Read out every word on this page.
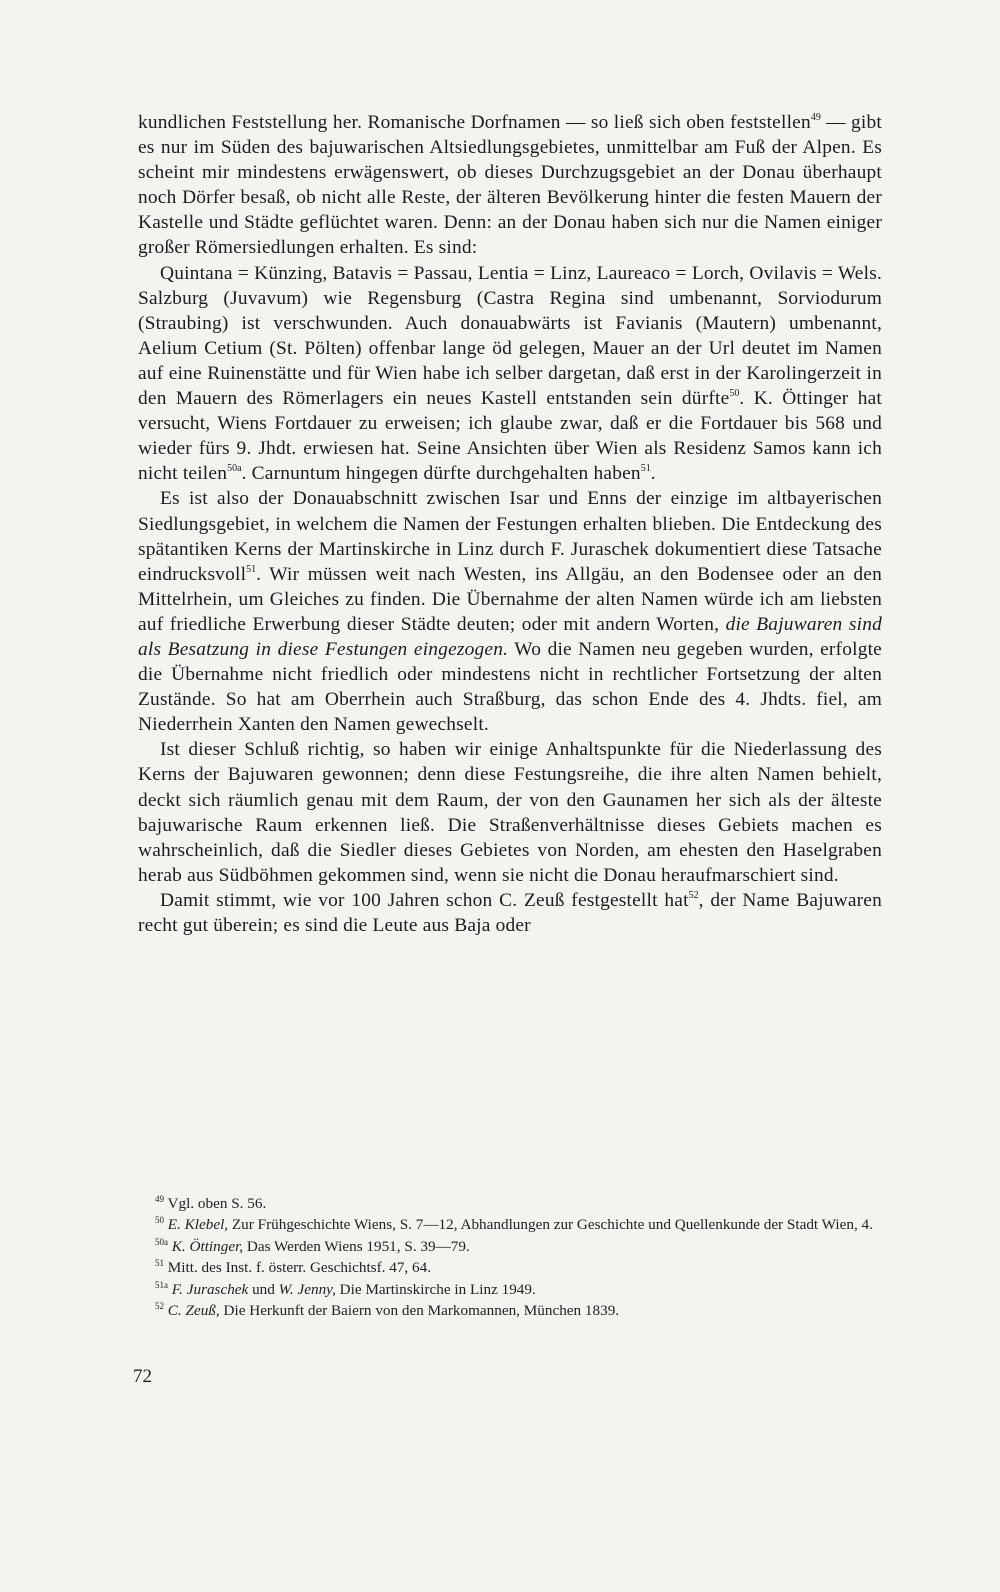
kundlichen Feststellung her. Romanische Dorfnamen — so ließ sich oben feststellen$^{49}$ — gibt es nur im Süden des bajuwarischen Altsiedlungsgebietes, unmittelbar am Fuß der Alpen. Es scheint mir mindestens erwägenswert, ob dieses Durchzugsgebiet an der Donau überhaupt noch Dörfer besaß, ob nicht alle Reste, der älteren Bevölkerung hinter die festen Mauern der Kastelle und Städte geflüchtet waren. Denn: an der Donau haben sich nur die Namen einiger großer Römersiedlungen erhalten. Es sind:

Quintana = Künzing, Batavis = Passau, Lentia = Linz, Laureaco = Lorch, Ovilavis = Wels. Salzburg (Juvavum) wie Regensburg (Castra Regina sind umbenannt, Sorviodurum (Straubing) ist verschwunden. Auch donauabwärts ist Favianis (Mautern) umbenannt, Aelium Cetium (St. Pölten) offenbar lange öd gelegen, Mauer an der Url deutet im Namen auf eine Ruinenstätte und für Wien habe ich selber dargetan, daß erst in der Karolingerzeit in den Mauern des Römerlagers ein neues Kastell entstanden sein dürfte$^{50}$. K. Öttinger hat versucht, Wiens Fortdauer zu erweisen; ich glaube zwar, daß er die Fortdauer bis 568 und wieder fürs 9. Jhdt. erwiesen hat. Seine Ansichten über Wien als Residenz Samos kann ich nicht teilen$^{50a}$. Carnuntum hingegen dürfte durchgehalten haben$^{51}$.

Es ist also der Donauabschnitt zwischen Isar und Enns der einzige im altbayerischen Siedlungsgebiet, in welchem die Namen der Festungen erhalten blieben. Die Entdeckung des spätantiken Kerns der Martinskirche in Linz durch F. Juraschek dokumentiert diese Tatsache eindrucksvoll$^{51}$. Wir müssen weit nach Westen, ins Allgäu, an den Bodensee oder an den Mittelrhein, um Gleiches zu finden. Die Übernahme der alten Namen würde ich am liebsten auf friedliche Erwerbung dieser Städte deuten; oder mit andern Worten, die Bajuwaren sind als Besatzung in diese Festungen eingezogen. Wo die Namen neu gegeben wurden, erfolgte die Übernahme nicht friedlich oder mindestens nicht in rechtlicher Fortsetzung der alten Zustände. So hat am Oberrhein auch Straßburg, das schon Ende des 4. Jhdts. fiel, am Niederrhein Xanten den Namen gewechselt.

Ist dieser Schluß richtig, so haben wir einige Anhaltspunkte für die Niederlassung des Kerns der Bajuwaren gewonnen; denn diese Festungsreihe, die ihre alten Namen behielt, deckt sich räumlich genau mit dem Raum, der von den Gaunamen her sich als der älteste bajuwarische Raum erkennen ließ. Die Straßenverhältnisse dieses Gebiets machen es wahrscheinlich, daß die Siedler dieses Gebietes von Norden, am ehesten den Haselgraben herab aus Südböhmen gekommen sind, wenn sie nicht die Donau heraufmarschiert sind.

Damit stimmt, wie vor 100 Jahren schon C. Zeuß festgestellt hat$^{52}$, der Name Bajuwaren recht gut überein; es sind die Leute aus Baja oder

$^{49}$ Vgl. oben S. 56.

$^{50}$ E. Klebel, Zur Frühgeschichte Wiens, S. 7—12, Abhandlungen zur Geschichte und Quellenkunde der Stadt Wien, 4.

$^{50a}$ K. Öttinger, Das Werden Wiens 1951, S. 39—79.

$^{51}$ Mitt. des Inst. f. österr. Geschichtsf. 47, 64.

$^{51a}$ F. Juraschek und W. Jenny, Die Martinskirche in Linz 1949.

$^{52}$ C. Zeuß, Die Herkunft der Baiern von den Markomannen, München 1839.

72
